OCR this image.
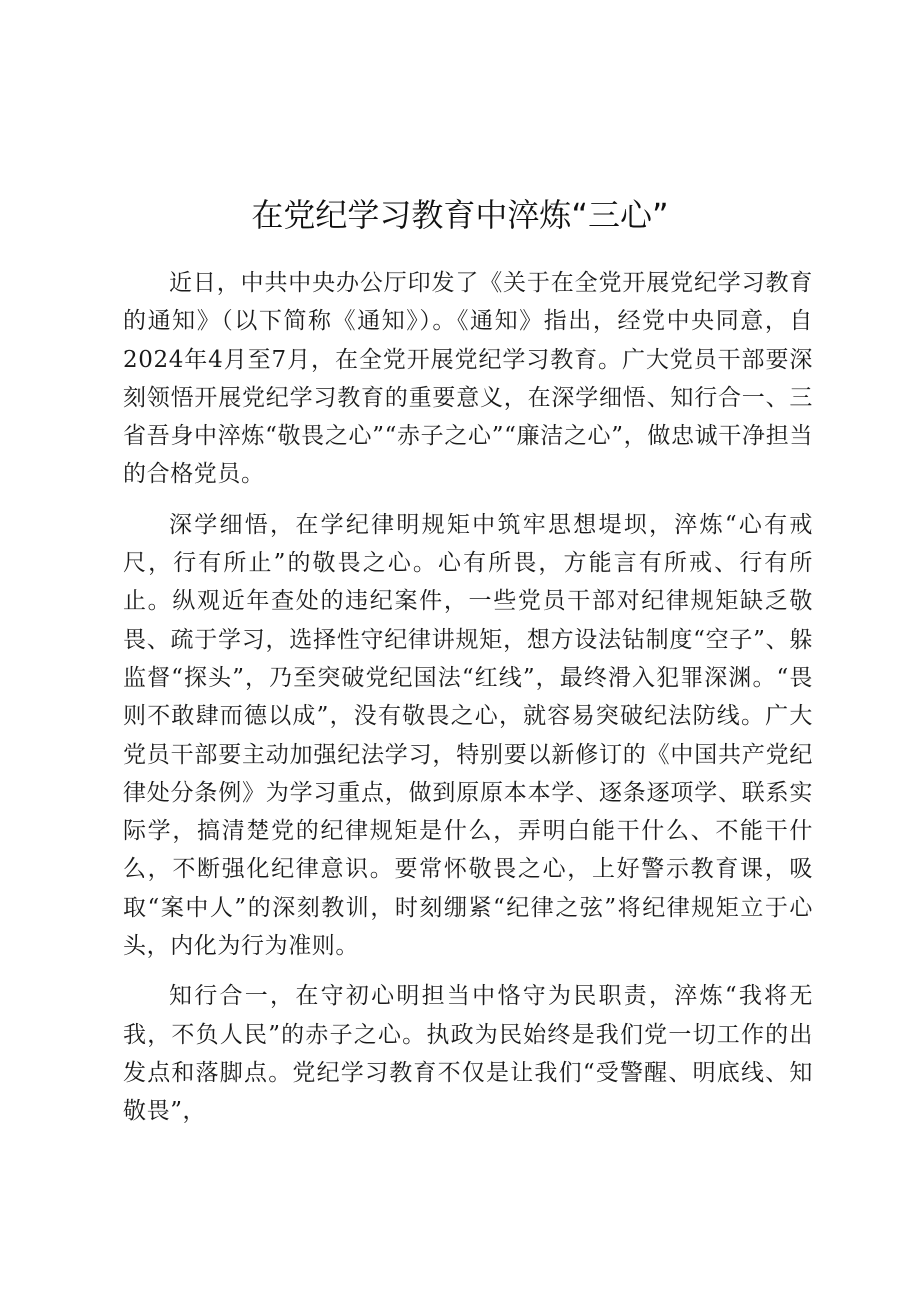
在党纪学习教育中淬炼“三心”

近日，中共中央办公厅印发了《关于在全党开展党纪学习教育的通知》（以下简称《通知》）。《通知》指出，经党中央同意，自2024年4月至7月，在全党开展党纪学习教育。广大党员干部要深刻领悟开展党纪学习教育的重要意义，在深学细悟、知行合一、三省吾身中淬炼“敬畏之心”“赤子之心”“廉洁之心”，做忠诚干净担当的合格党员。

深学细悟，在学纪律明规矩中筑牢思想堤坝，淬炼“心有戒尺，行有所止”的敬畏之心。心有所畏，方能言有所戒、行有所止。纵观近年查处的违纪案件，一些党员干部对纪律规矩缺乏敬畏、疏于学习，选择性守纪律讲规矩，想方设法钻制度“空子”、躲监督“探头”，乃至突破党纪国法“红线”，最终滑入犯罪深渊。“畏则不敢肆而德以成”，没有敬畏之心，就容易突破纪法防线。广大党员干部要主动加强纪法学习，特别要以新修订的《中国共产党纪律处分条例》为学习重点，做到原原本本学、逐条逐项学、联系实际学，搞清楚党的纪律规矩是什么，弄明白能干什么、不能干什么，不断强化纪律意识。要常怀敬畏之心，上好警示教育课，吸取“案中人”的深刻教训，时刻绷紧“纪律之弦”将纪律规矩立于心头，内化为行为准则。

知行合一，在守初心明担当中恪守为民职责，淬炼“我将无我，不负人民”的赤子之心。执政为民始终是我们党一切工作的出发点和落脚点。党纪学习教育不仅是让我们“受警醒、明底线、知敬畏”，
